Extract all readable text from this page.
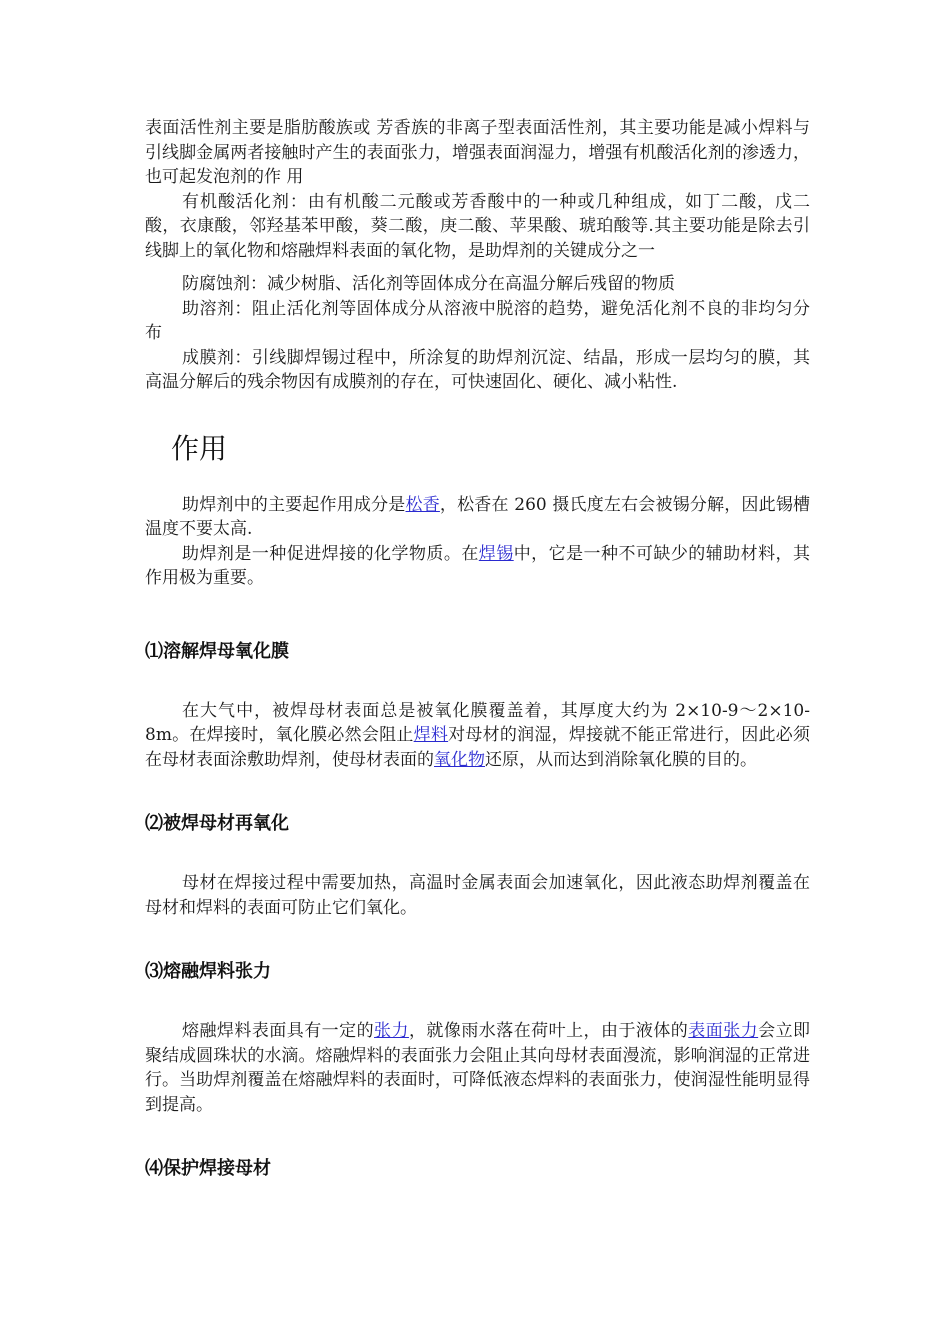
表面活性剂主要是脂肪酸族或 芳香族的非离子型表面活性剂，其主要功能是减小焊料与引线脚金属两者接触时产生的表面张力，增强表面润湿力，增强有机酸活化剂的渗透力，也可起发泡剂的作 用

有机酸活化剂：由有机酸二元酸或芳香酸中的一种或几种组成，如丁二酸，戊二酸，衣康酸，邻羟基苯甲酸，葵二酸，庚二酸、苹果酸、琥珀酸等.其主要功能是除去引线脚上的氧化物和熔融焊料表面的氧化物，是助焊剂的关键成分之一

防腐蚀剂：减少树脂、活化剂等固体成分在高温分解后残留的物质

助溶剂：阻止活化剂等固体成分从溶液中脱溶的趋势，避免活化剂不良的非均匀分布

成膜剂：引线脚焊锡过程中，所涂复的助焊剂沉淀、结晶，形成一层均匀的膜，其高温分解后的残余物因有成膜剂的存在，可快速固化、硬化、减小粘性.

作用

助焊剂中的主要起作用成分是松香，松香在 260 摄氏度左右会被锡分解，因此锡槽温度不要太高.

助焊剂是一种促进焊接的化学物质。在焊锡中，它是一种不可缺少的辅助材料，其作用极为重要。

⑴溶解焊母氧化膜

在大气中，被焊母材表面总是被氧化膜覆盖着，其厚度大约为 2×10-9～2×10-8m。在焊接时，氧化膜必然会阻止焊料对母材的润湿，焊接就不能正常进行，因此必须在母材表面涂敷助焊剂，使母材表面的氧化物还原，从而达到消除氧化膜的目的。

⑵被焊母材再氧化

母材在焊接过程中需要加热，高温时金属表面会加速氧化，因此液态助焊剂覆盖在母材和焊料的表面可防止它们氧化。

⑶熔融焊料张力

熔融焊料表面具有一定的张力，就像雨水落在荷叶上，由于液体的表面张力会立即聚结成圆珠状的水滴。熔融焊料的表面张力会阻止其向母材表面漫流，影响润湿的正常进行。当助焊剂覆盖在熔融焊料的表面时，可降低液态焊料的表面张力，使润湿性能明显得到提高。

⑷保护焊接母材
